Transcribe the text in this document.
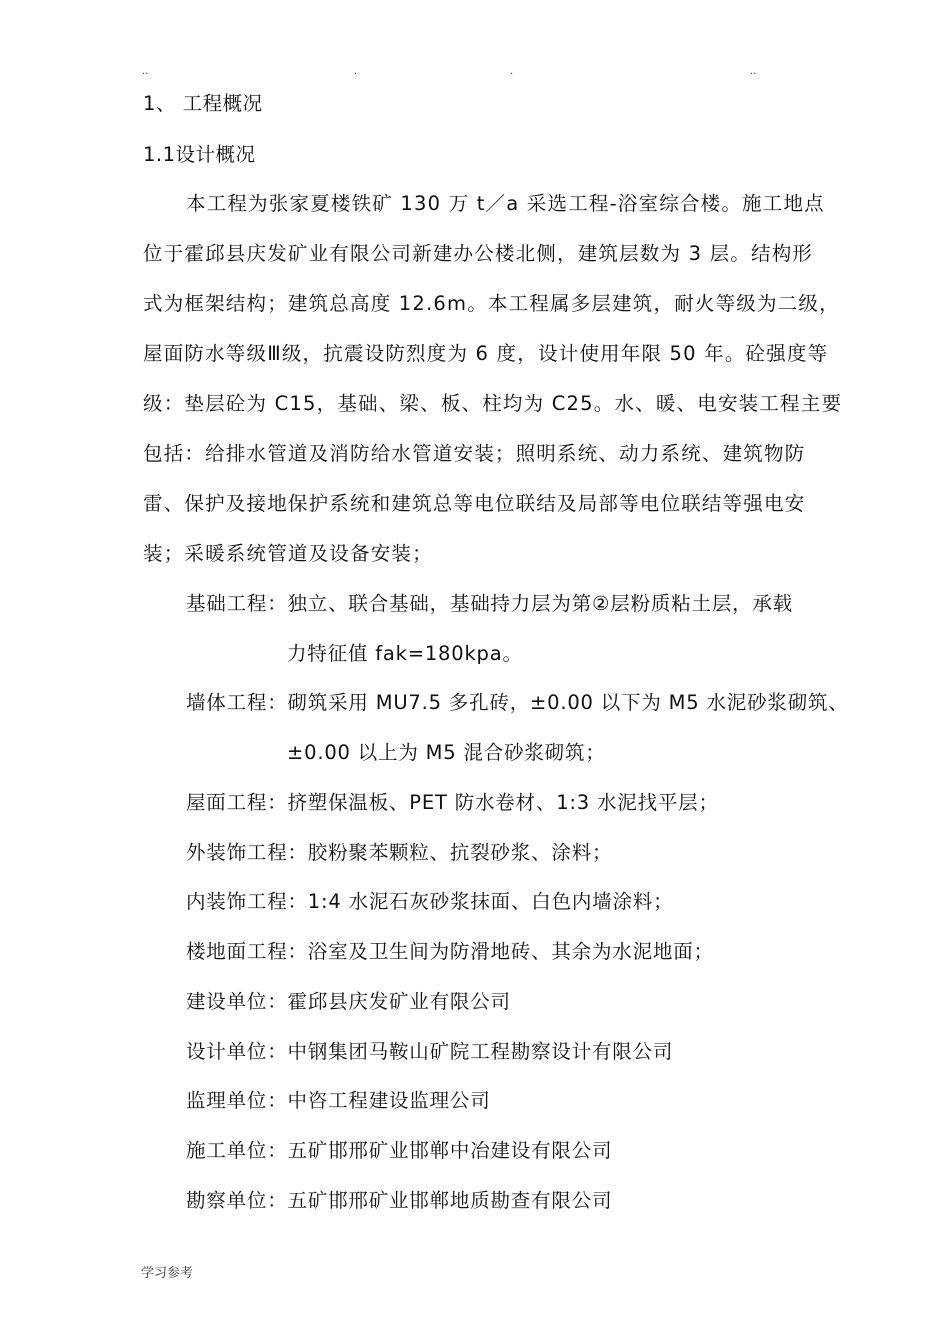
..	.	.	..
1、 工程概况
1.1设计概况
本工程为张家夏楼铁矿 130 万 t／a 采选工程-浴室综合楼。施工地点
位于霍邱县庆发矿业有限公司新建办公楼北侧，建筑层数为 3 层。结构形
式为框架结构；建筑总高度 12.6m。本工程属多层建筑，耐火等级为二级，
屋面防水等级Ⅲ级，抗震设防烈度为 6 度，设计使用年限 50 年。砼强度等
级：垫层砼为 C15，基础、梁、板、柱均为 C25。水、暖、电安装工程主要
包括：给排水管道及消防给水管道安装；照明系统、动力系统、建筑物防
雷、保护及接地保护系统和建筑总等电位联结及局部等电位联结等强电安
装；采暖系统管道及设备安装；
基础工程：独立、联合基础，基础持力层为第②层粉质粘土层，承载
力特征值 fak=180kpa。
墙体工程：砌筑采用 MU7.5 多孔砖，±0.00 以下为 M5 水泥砂浆砌筑、
±0.00 以上为 M5 混合砂浆砌筑；
屋面工程：挤塑保温板、PET 防水卷材、1:3 水泥找平层；
外装饰工程：胶粉聚苯颗粒、抗裂砂浆、涂料；
内装饰工程：1:4 水泥石灰砂浆抹面、白色内墙涂料；
楼地面工程：浴室及卫生间为防滑地砖、其余为水泥地面；
建设单位：霍邱县庆发矿业有限公司
设计单位：中钢集团马鞍山矿院工程勘察设计有限公司
监理单位：中咨工程建设监理公司
施工单位：五矿邯邢矿业邯郸中冶建设有限公司
勘察单位：五矿邯邢矿业邯郸地质勘查有限公司
学习参考
